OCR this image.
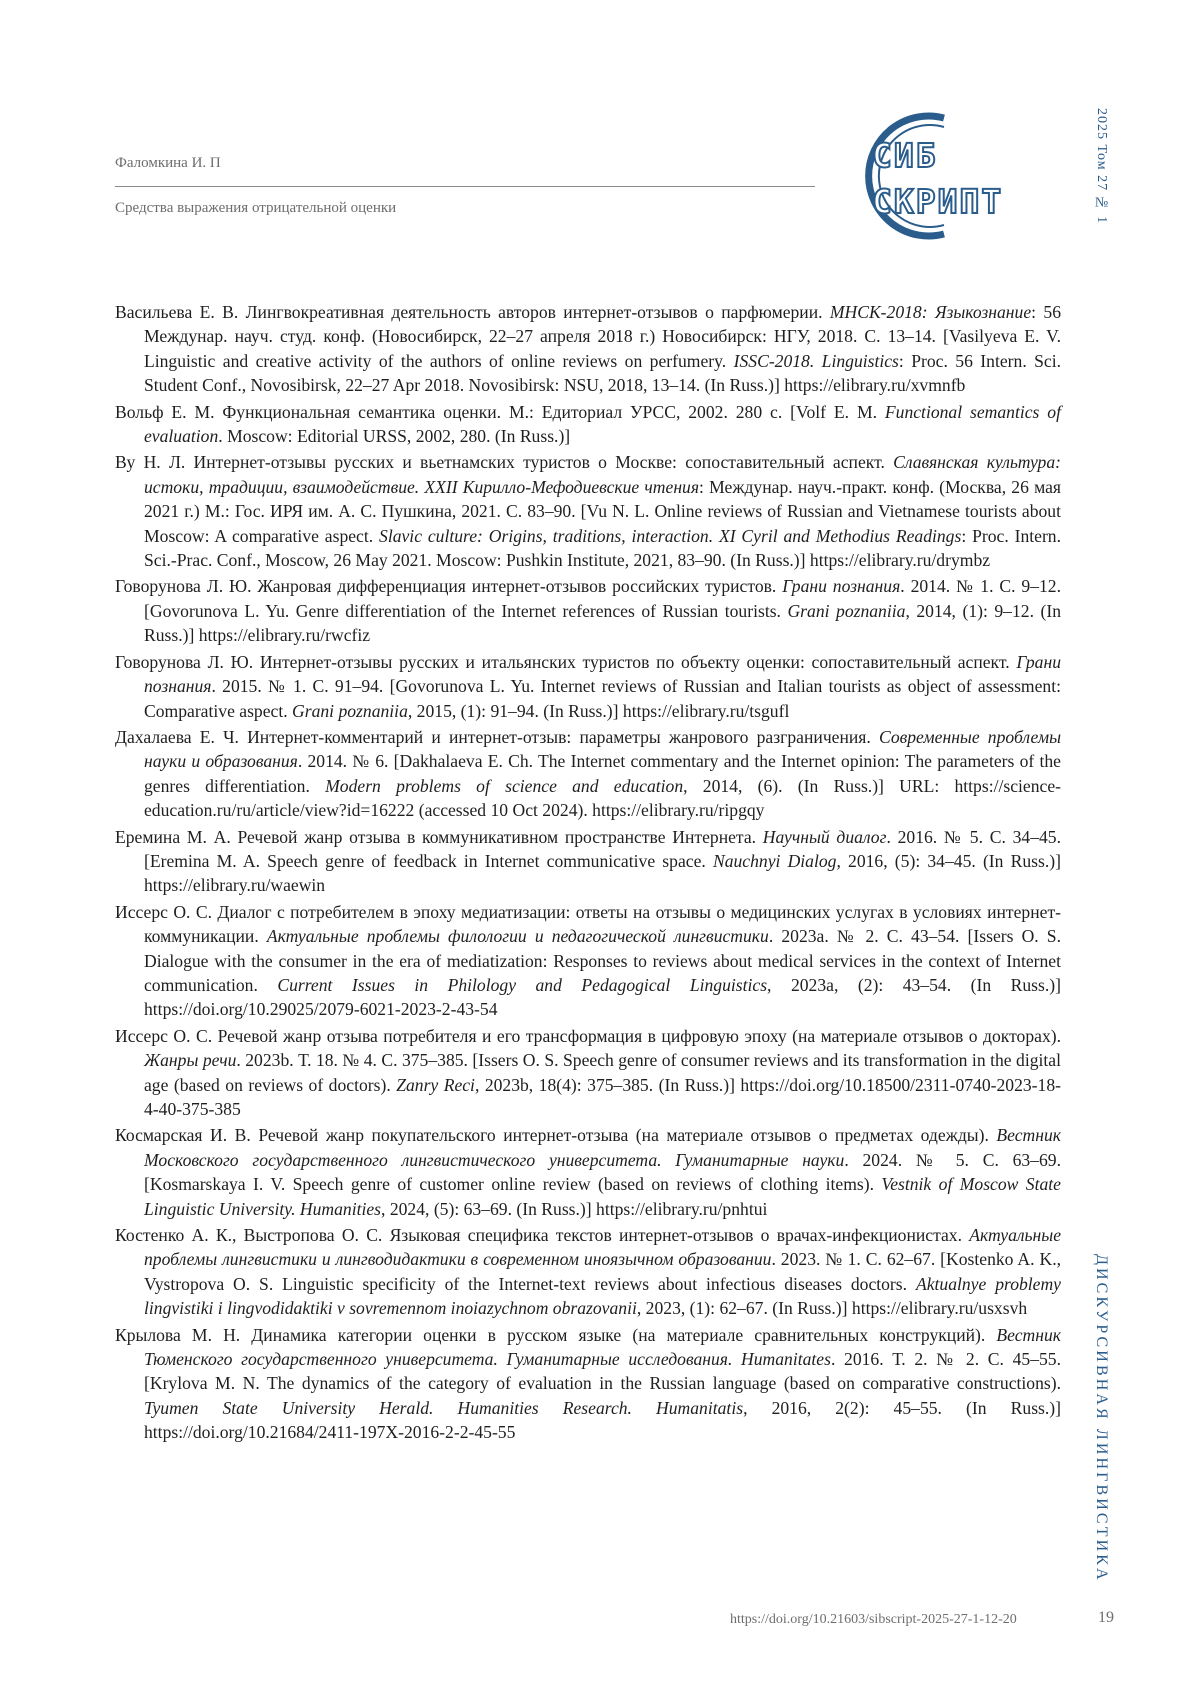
Фаломкина И. П
Средства выражения отрицательной оценки
СИБ
СКРИПТ	2025 Том 27 № 1
ДИСКУРСИВНАЯ ЛИНГВИСТИКА

Васильева Е. В. Лингвокреативная деятельность авторов интернет-отзывов о парфюмерии. МНСК-2018: Языкознание: 56 Междунар. науч. студ. конф. (Новосибирск, 22–27 апреля 2018 г.) Новосибирск: НГУ, 2018. С. 13–14. [Vasilyeva E. V. Linguistic and creative activity of the authors of online reviews on perfumery. ISSC-2018. Linguistics: Proc. 56 Intern. Sci. Student Conf., Novosibirsk, 22–27 Apr 2018. Novosibirsk: NSU, 2018, 13–14. (In Russ.)] https://elibrary.ru/xvmnfb

Вольф Е. М. Функциональная семантика оценки. М.: Едиториал УРСС, 2002. 280 с. [Volf E. M. Functional semantics of evaluation. Moscow: Editorial URSS, 2002, 280. (In Russ.)]

Ву Н. Л. Интернет-отзывы русских и вьетнамских туристов о Москве: сопоставительный аспект. Славянская культура: истоки, традиции, взаимодействие. XXII Кирилло-Мефодиевские чтения: Междунар. науч.-практ. конф. (Москва, 26 мая 2021 г.) М.: Гос. ИРЯ им. А. С. Пушкина, 2021. С. 83–90. [Vu N. L. Online reviews of Russian and Vietnamese tourists about Moscow: A comparative aspect. Slavic culture: Origins, traditions, interaction. XI Cyril and Methodius Readings: Proc. Intern. Sci.-Prac. Conf., Moscow, 26 May 2021. Moscow: Pushkin Institute, 2021, 83–90. (In Russ.)] https://elibrary.ru/drymbz

Говорунова Л. Ю. Жанровая дифференциация интернет-отзывов российских туристов. Грани познания. 2014. № 1. С. 9–12. [Govorunova L. Yu. Genre differentiation of the Internet references of Russian tourists. Grani poznaniia, 2014, (1): 9–12. (In Russ.)] https://elibrary.ru/rwcfiz

Говорунова Л. Ю. Интернет-отзывы русских и итальянских туристов по объекту оценки: сопоставительный аспект. Грани познания. 2015. № 1. С. 91–94. [Govorunova L. Yu. Internet reviews of Russian and Italian tourists as object of assessment: Comparative aspect. Grani poznaniia, 2015, (1): 91–94. (In Russ.)] https://elibrary.ru/tsgufl

Дахалаева Е. Ч. Интернет-комментарий и интернет-отзыв: параметры жанрового разграничения. Современные проблемы науки и образования. 2014. № 6. [Dakhalaeva E. Ch. The Internet commentary and the Internet opinion: The parameters of the genres differentiation. Modern problems of science and education, 2014, (6). (In Russ.)] URL: https://science-education.ru/ru/article/view?id=16222 (accessed 10 Oct 2024). https://elibrary.ru/ripgqy

Еремина М. А. Речевой жанр отзыва в коммуникативном пространстве Интернета. Научный диалог. 2016. № 5. С. 34–45. [Eremina M. A. Speech genre of feedback in Internet communicative space. Nauchnyi Dialog, 2016, (5): 34–45. (In Russ.)] https://elibrary.ru/waewin

Иссерс О. С. Диалог с потребителем в эпоху медиатизации: ответы на отзывы о медицинских услугах в условиях интернет-коммуникации. Актуальные проблемы филологии и педагогической лингвистики. 2023a. № 2. С. 43–54. [Issers O. S. Dialogue with the consumer in the era of mediatization: Responses to reviews about medical services in the context of Internet communication. Current Issues in Philology and Pedagogical Linguistics, 2023a, (2): 43–54. (In Russ.)] https://doi.org/10.29025/2079-6021-2023-2-43-54

Иссерс О. С. Речевой жанр отзыва потребителя и его трансформация в цифровую эпоху (на материале отзывов о докторах). Жанры речи. 2023b. Т. 18. № 4. С. 375–385. [Issers O. S. Speech genre of consumer reviews and its transformation in the digital age (based on reviews of doctors). Zanry Reci, 2023b, 18(4): 375–385. (In Russ.)] https://doi.org/10.18500/2311-0740-2023-18-4-40-375-385

Космарская И. В. Речевой жанр покупательского интернет-отзыва (на материале отзывов о предметах одежды). Вестник Московского государственного лингвистического университета. Гуманитарные науки. 2024. № 5. С. 63–69. [Kosmarskaya I. V. Speech genre of customer online review (based on reviews of clothing items). Vestnik of Moscow State Linguistic University. Humanities, 2024, (5): 63–69. (In Russ.)] https://elibrary.ru/pnhtui

Костенко А. К., Выстропова О. С. Языковая специфика текстов интернет-отзывов о врачах-инфекционистах. Актуальные проблемы лингвистики и лингводидактики в современном иноязычном образовании. 2023. № 1. С. 62–67. [Kostenko A. K., Vystropova O. S. Linguistic specificity of the Internet-text reviews about infectious diseases doctors. Aktualnye problemy lingvistiki i lingvodidaktiki v sovremennom inoiazychnom obrazovanii, 2023, (1): 62–67. (In Russ.)] https://elibrary.ru/usxsvh

Крылова М. Н. Динамика категории оценки в русском языке (на материале сравнительных конструкций). Вестник Тюменского государственного университета. Гуманитарные исследования. Humanitates. 2016. Т. 2. № 2. С. 45–55. [Krylova M. N. The dynamics of the category of evaluation in the Russian language (based on comparative constructions). Tyumen State University Herald. Humanities Research. Humanitatis, 2016, 2(2): 45–55. (In Russ.)] https://doi.org/10.21684/2411-197X-2016-2-2-45-55

https://doi.org/10.21603/sibscript-2025-27-1-12-20	19
